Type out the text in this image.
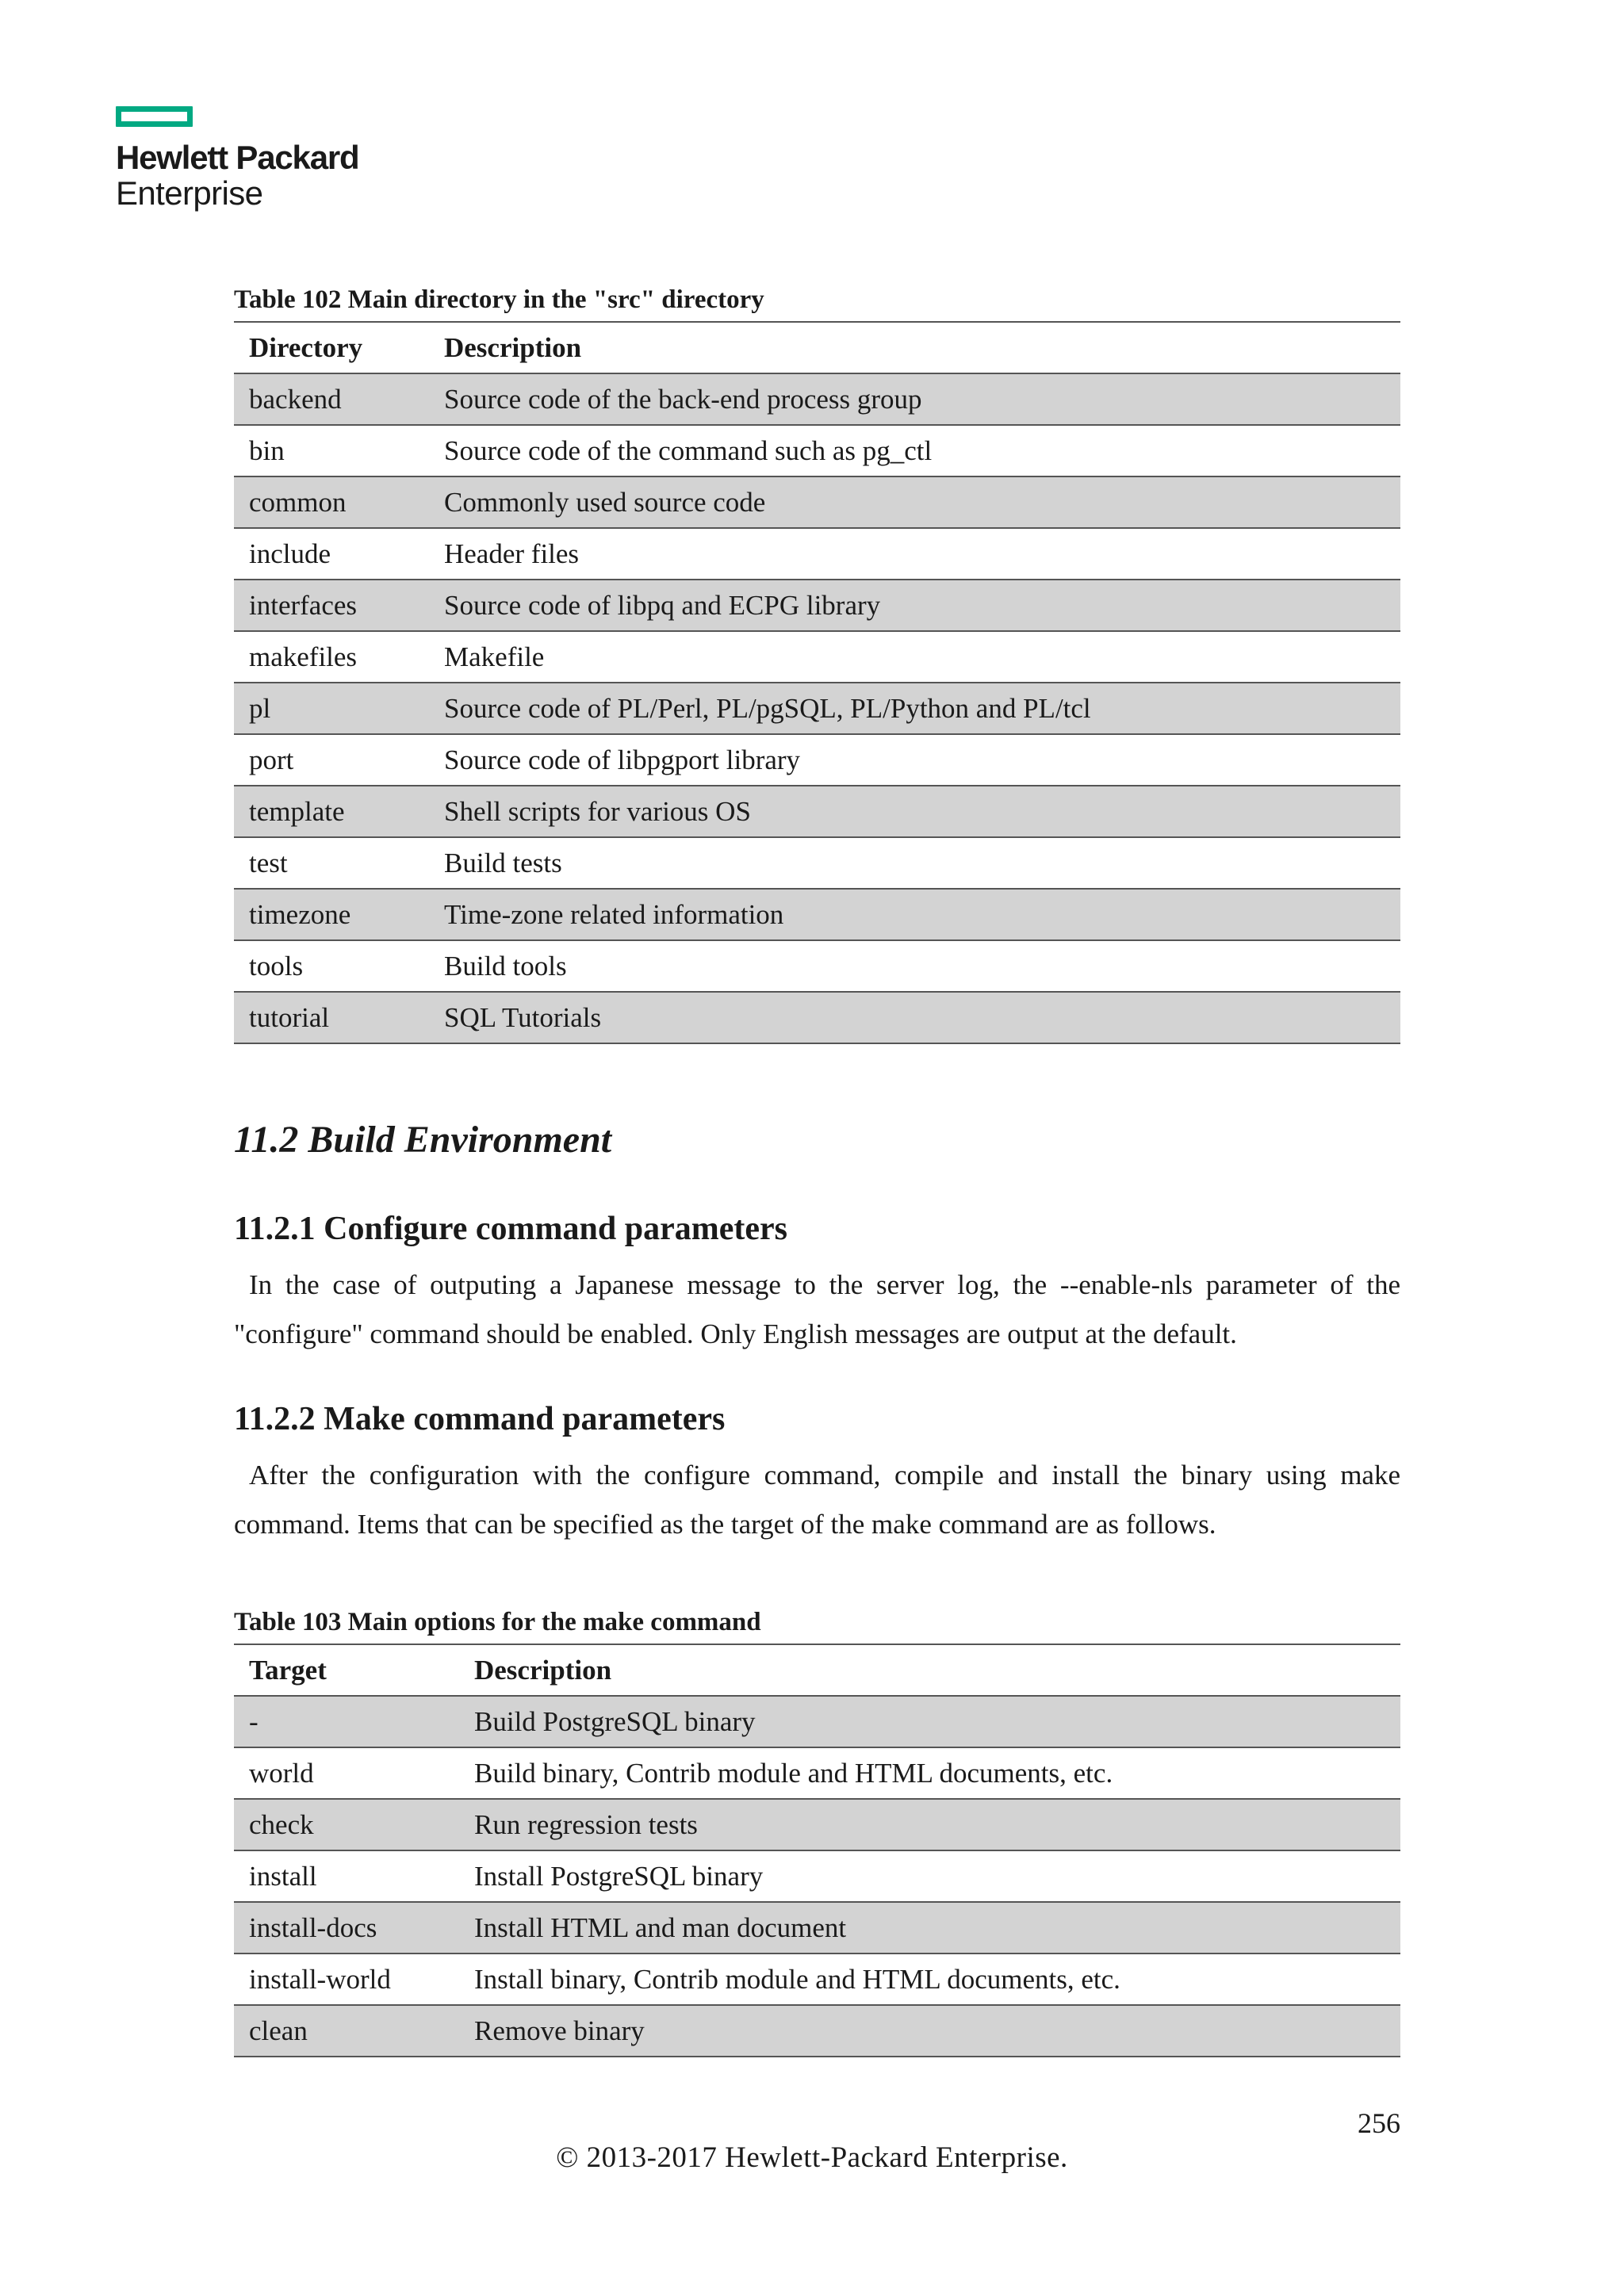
Hewlett Packard
Enterprise
Table 102 Main directory in the "src" directory
Directory	Description
backend	Source code of the back-end process group
bin	Source code of the command such as pg_ctl
common	Commonly used source code
include	Header files
interfaces	Source code of libpq and ECPG library
makefiles	Makefile
pl	Source code of PL/Perl, PL/pgSQL, PL/Python and PL/tcl
port	Source code of libpgport library
template	Shell scripts for various OS
test	Build tests
timezone	Time-zone related information
tools	Build tools
tutorial	SQL Tutorials
11.2 Build Environment
11.2.1 Configure command parameters
In the case of outputing a Japanese message to the server log, the --enable-nls parameter of the "configure" command should be enabled. Only English messages are output at the default.
11.2.2 Make command parameters
After the configuration with the configure command, compile and install the binary using make command. Items that can be specified as the target of the make command are as follows.
Table 103 Main options for the make command
Target	Description
-	Build PostgreSQL binary
world	Build binary, Contrib module and HTML documents, etc.
check	Run regression tests
install	Install PostgreSQL binary
install-docs	Install HTML and man document
install-world	Install binary, Contrib module and HTML documents, etc.
clean	Remove binary
256
© 2013-2017 Hewlett-Packard Enterprise.
